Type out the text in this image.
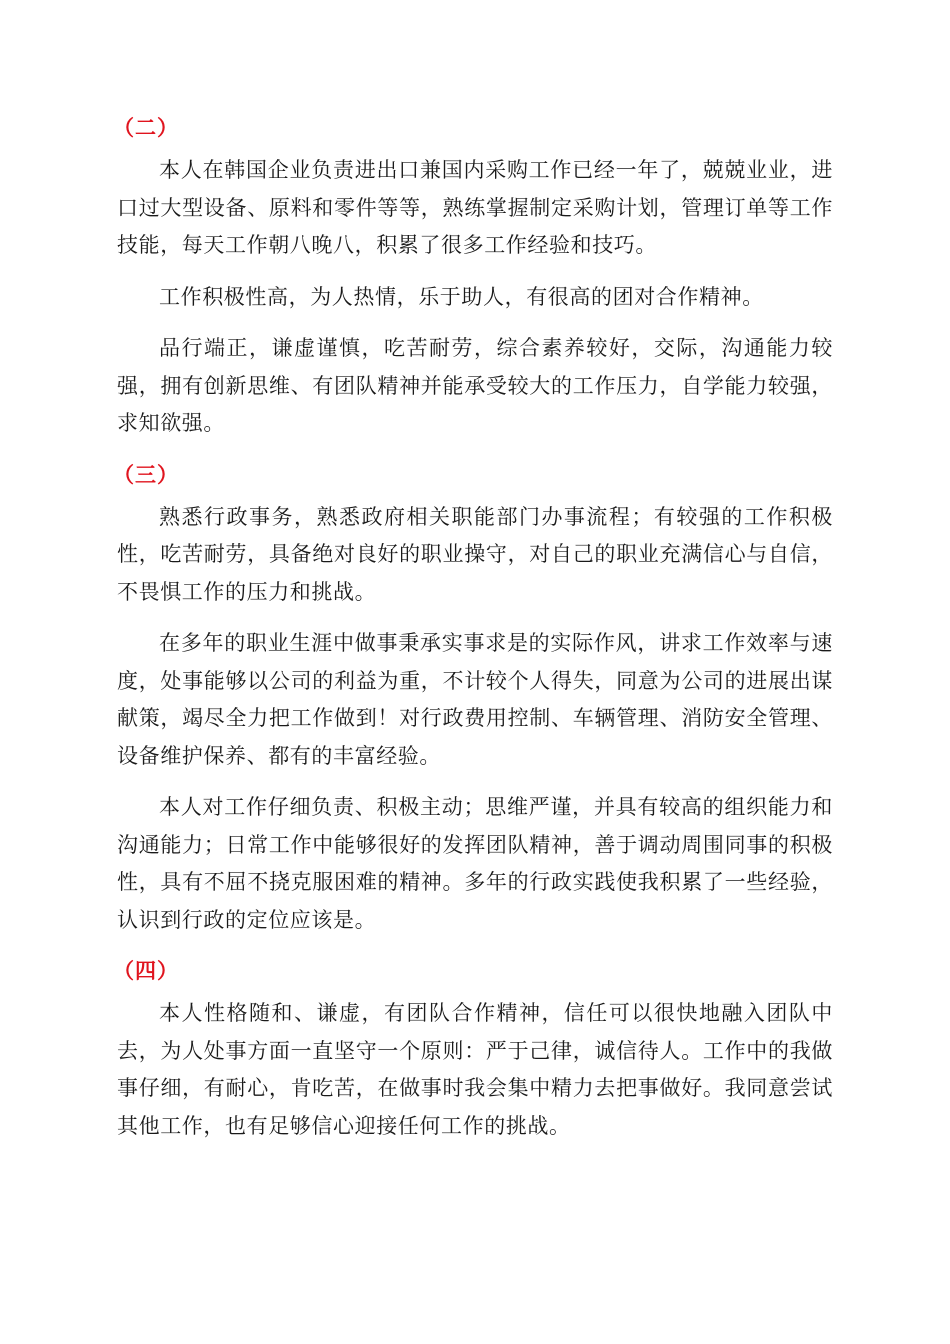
（二）

本人在韩国企业负责进出口兼国内采购工作已经一年了，兢兢业业，进口过大型设备、原料和零件等等，熟练掌握制定采购计划，管理订单等工作技能，每天工作朝八晚八，积累了很多工作经验和技巧。

工作积极性高，为人热情，乐于助人，有很高的团对合作精神。

品行端正，谦虚谨慎，吃苦耐劳，综合素养较好，交际，沟通能力较强，拥有创新思维、有团队精神并能承受较大的工作压力，自学能力较强，求知欲强。

（三）

熟悉行政事务，熟悉政府相关职能部门办事流程；有较强的工作积极性，吃苦耐劳，具备绝对良好的职业操守，对自己的职业充满信心与自信，不畏惧工作的压力和挑战。

在多年的职业生涯中做事秉承实事求是的实际作风，讲求工作效率与速度，处事能够以公司的利益为重，不计较个人得失，同意为公司的进展出谋献策，竭尽全力把工作做到！对行政费用控制、车辆管理、消防安全管理、设备维护保养、都有的丰富经验。

本人对工作仔细负责、积极主动；思维严谨，并具有较高的组织能力和沟通能力；日常工作中能够很好的发挥团队精神，善于调动周围同事的积极性，具有不屈不挠克服困难的精神。多年的行政实践使我积累了一些经验，认识到行政的定位应该是。

（四）

本人性格随和、谦虚，有团队合作精神，信任可以很快地融入团队中去，为人处事方面一直坚守一个原则：严于己律，诚信待人。工作中的我做事仔细，有耐心，肯吃苦，在做事时我会集中精力去把事做好。我同意尝试其他工作，也有足够信心迎接任何工作的挑战。
